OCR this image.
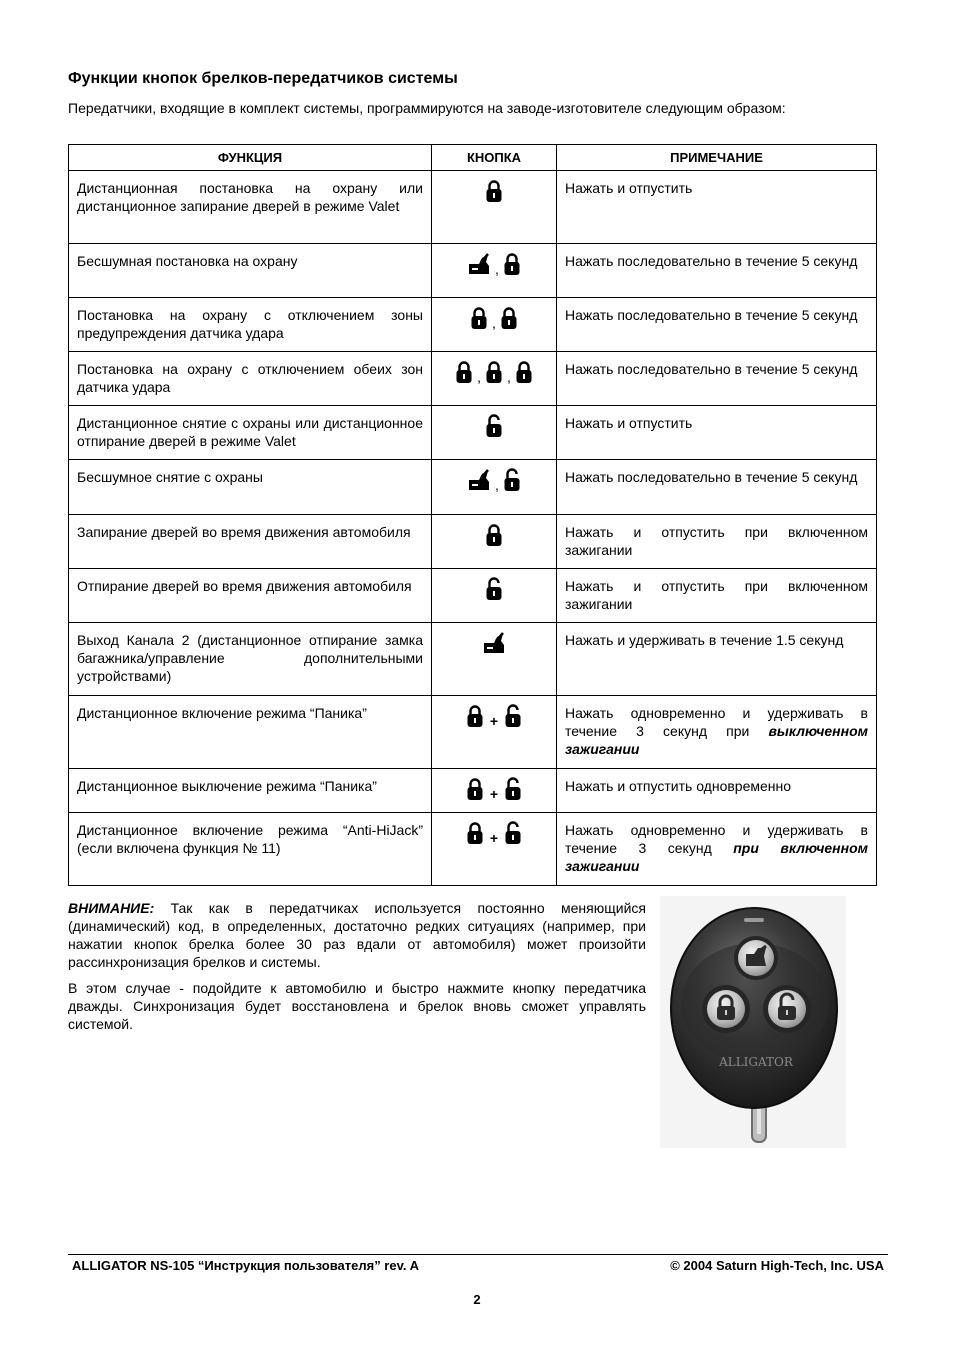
Функции кнопок брелков-передатчиков системы
Передатчики, входящие в комплект системы, программируются на заводе-изготовителе следующим образом:
ФУНКЦИЯ	КНОПКА	ПРИМЕЧАНИЕ
Дистанционная постановка на охрану или дистанционное запирание дверей в режиме Valet		Нажать и отпустить
Бесшумная постановка на охрану	,	Нажать последовательно в течение 5 секунд
Постановка на охрану с отключением зоны предупреждения датчика удара	,	Нажать последовательно в течение 5 секунд
Постановка на охрану с отключением обеих зон датчика удара	, ,	Нажать последовательно в течение 5 секунд
Дистанционное снятие с охраны или дистанционное отпирание дверей в режиме Valet		Нажать и отпустить
Бесшумное снятие с охраны	,	Нажать последовательно в течение 5 секунд
Запирание дверей во время движения автомобиля		Нажать и отпустить при включенном зажигании
Отпирание дверей во время движения автомобиля		Нажать и отпустить при включенном зажигании
Выход Канала 2 (дистанционное отпирание замка багажника/управление дополнительными устройствами)		Нажать и удерживать в течение 1.5 секунд
Дистанционное включение режима “Паника”	+	Нажать одновременно и удерживать в течение 3 секунд при выключенном зажигании
Дистанционное выключение режима “Паника”	+	Нажать и отпустить одновременно
Дистанционное включение режима “Anti-HiJack” (если включена функция № 11)	+	Нажать одновременно и удерживать в течение 3 секунд при включенном зажигании

ВНИМАНИЕ: Так как в передатчиках используется постоянно меняющийся (динамический) код, в определенных, достаточно редких ситуациях (например, при нажатии кнопок брелка более 30 раз вдали от автомобиля) может произойти рассинхронизация брелков и системы.

В этом случае - подойдите к автомобилю и быстро нажмите кнопку передатчика дважды. Синхронизация будет восстановлена и брелок вновь сможет управлять системой.

ALLIGATOR
ALLIGATOR NS-105 “Инструкция пользователя” rev. A	© 2004 Saturn High-Tech, Inc. USA
2
